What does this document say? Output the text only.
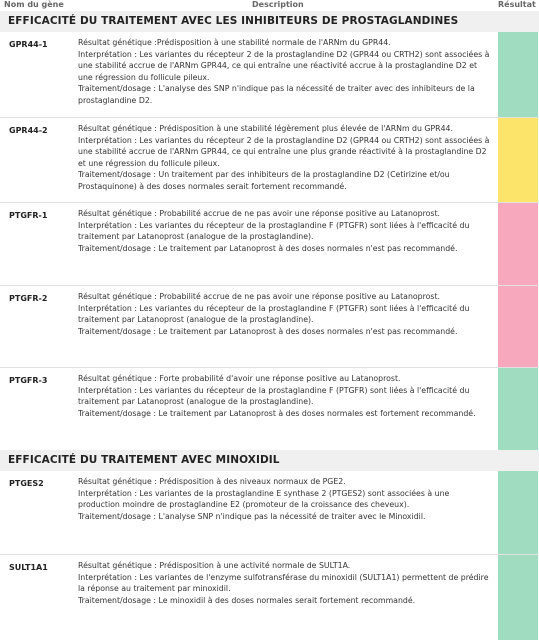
Nom du gène	Description	Résultat
EFFICACITÉ DU TRAITEMENT AVEC LES INHIBITEURS DE PROSTAGLANDINES
GPR44-1	Résultat génétique :Prédisposition à une stabilité normale de l'ARNm du GPR44.
Interprétation : Les variantes du récepteur 2 de la prostaglandine D2 (GPR44 ou CRTH2) sont associées à une stabilité accrue de l'ARNm GPR44, ce qui entraîne une réactivité accrue à la prostaglandine D2 et une régression du follicule pileux.
Traitement/dosage : L'analyse des SNP n'indique pas la nécessité de traiter avec des inhibiteurs de la prostaglandine D2.
GPR44-2	Résultat génétique : Prédisposition à une stabilité légèrement plus élevée de l'ARNm du GPR44.
Interprétation : Les variantes du récepteur 2 de la prostaglandine D2 (GPR44 ou CRTH2) sont associées à une stabilité accrue de l'ARNm GPR44, ce qui entraîne une plus grande réactivité à la prostaglandine D2 et une régression du follicule pileux.
Traitement/dosage : Un traitement par des inhibiteurs de la prostaglandine D2 (Cetirizine et/ou Prostaquinone) à des doses normales serait fortement recommandé.
PTGFR-1	Résultat génétique : Probabilité accrue de ne pas avoir une réponse positive au Latanoprost.
Interprétation : Les variantes du récepteur de la prostaglandine F (PTGFR) sont liées à l'efficacité du traitement par Latanoprost (analogue de la prostaglandine).
Traitement/dosage : Le traitement par Latanoprost à des doses normales n'est pas recommandé.
PTGFR-2	Résultat génétique : Probabilité accrue de ne pas avoir une réponse positive au Latanoprost.
Interprétation : Les variantes du récepteur de la prostaglandine F (PTGFR) sont liées à l'efficacité du traitement par Latanoprost (analogue de la prostaglandine).
Traitement/dosage : Le traitement par Latanoprost à des doses normales n'est pas recommandé.
PTGFR-3	Résultat génétique : Forte probabilité d'avoir une réponse positive au Latanoprost.
Interprétation : Les variantes du récepteur de la prostaglandine F (PTGFR) sont liées à l'efficacité du traitement par Latanoprost (analogue de la prostaglandine).
Traitement/dosage : Le traitement par Latanoprost à des doses normales est fortement recommandé.
EFFICACITÉ DU TRAITEMENT AVEC MINOXIDIL
PTGES2	Résultat génétique : Prédisposition à des niveaux normaux de PGE2.
Interprétation : Les variantes de la prostaglandine E synthase 2 (PTGES2) sont associées à une production moindre de prostaglandine E2 (promoteur de la croissance des cheveux).
Traitement/dosage : L'analyse SNP n'indique pas la nécessité de traiter avec le Minoxidil.
SULT1A1	Résultat génétique : Prédisposition à une activité normale de SULT1A.
Interprétation : Les variantes de l'enzyme sulfotransférase du minoxidil (SULT1A1) permettent de prédire la réponse au traitement par minoxidil.
Traitement/dosage : Le minoxidil à des doses normales serait fortement recommandé.
